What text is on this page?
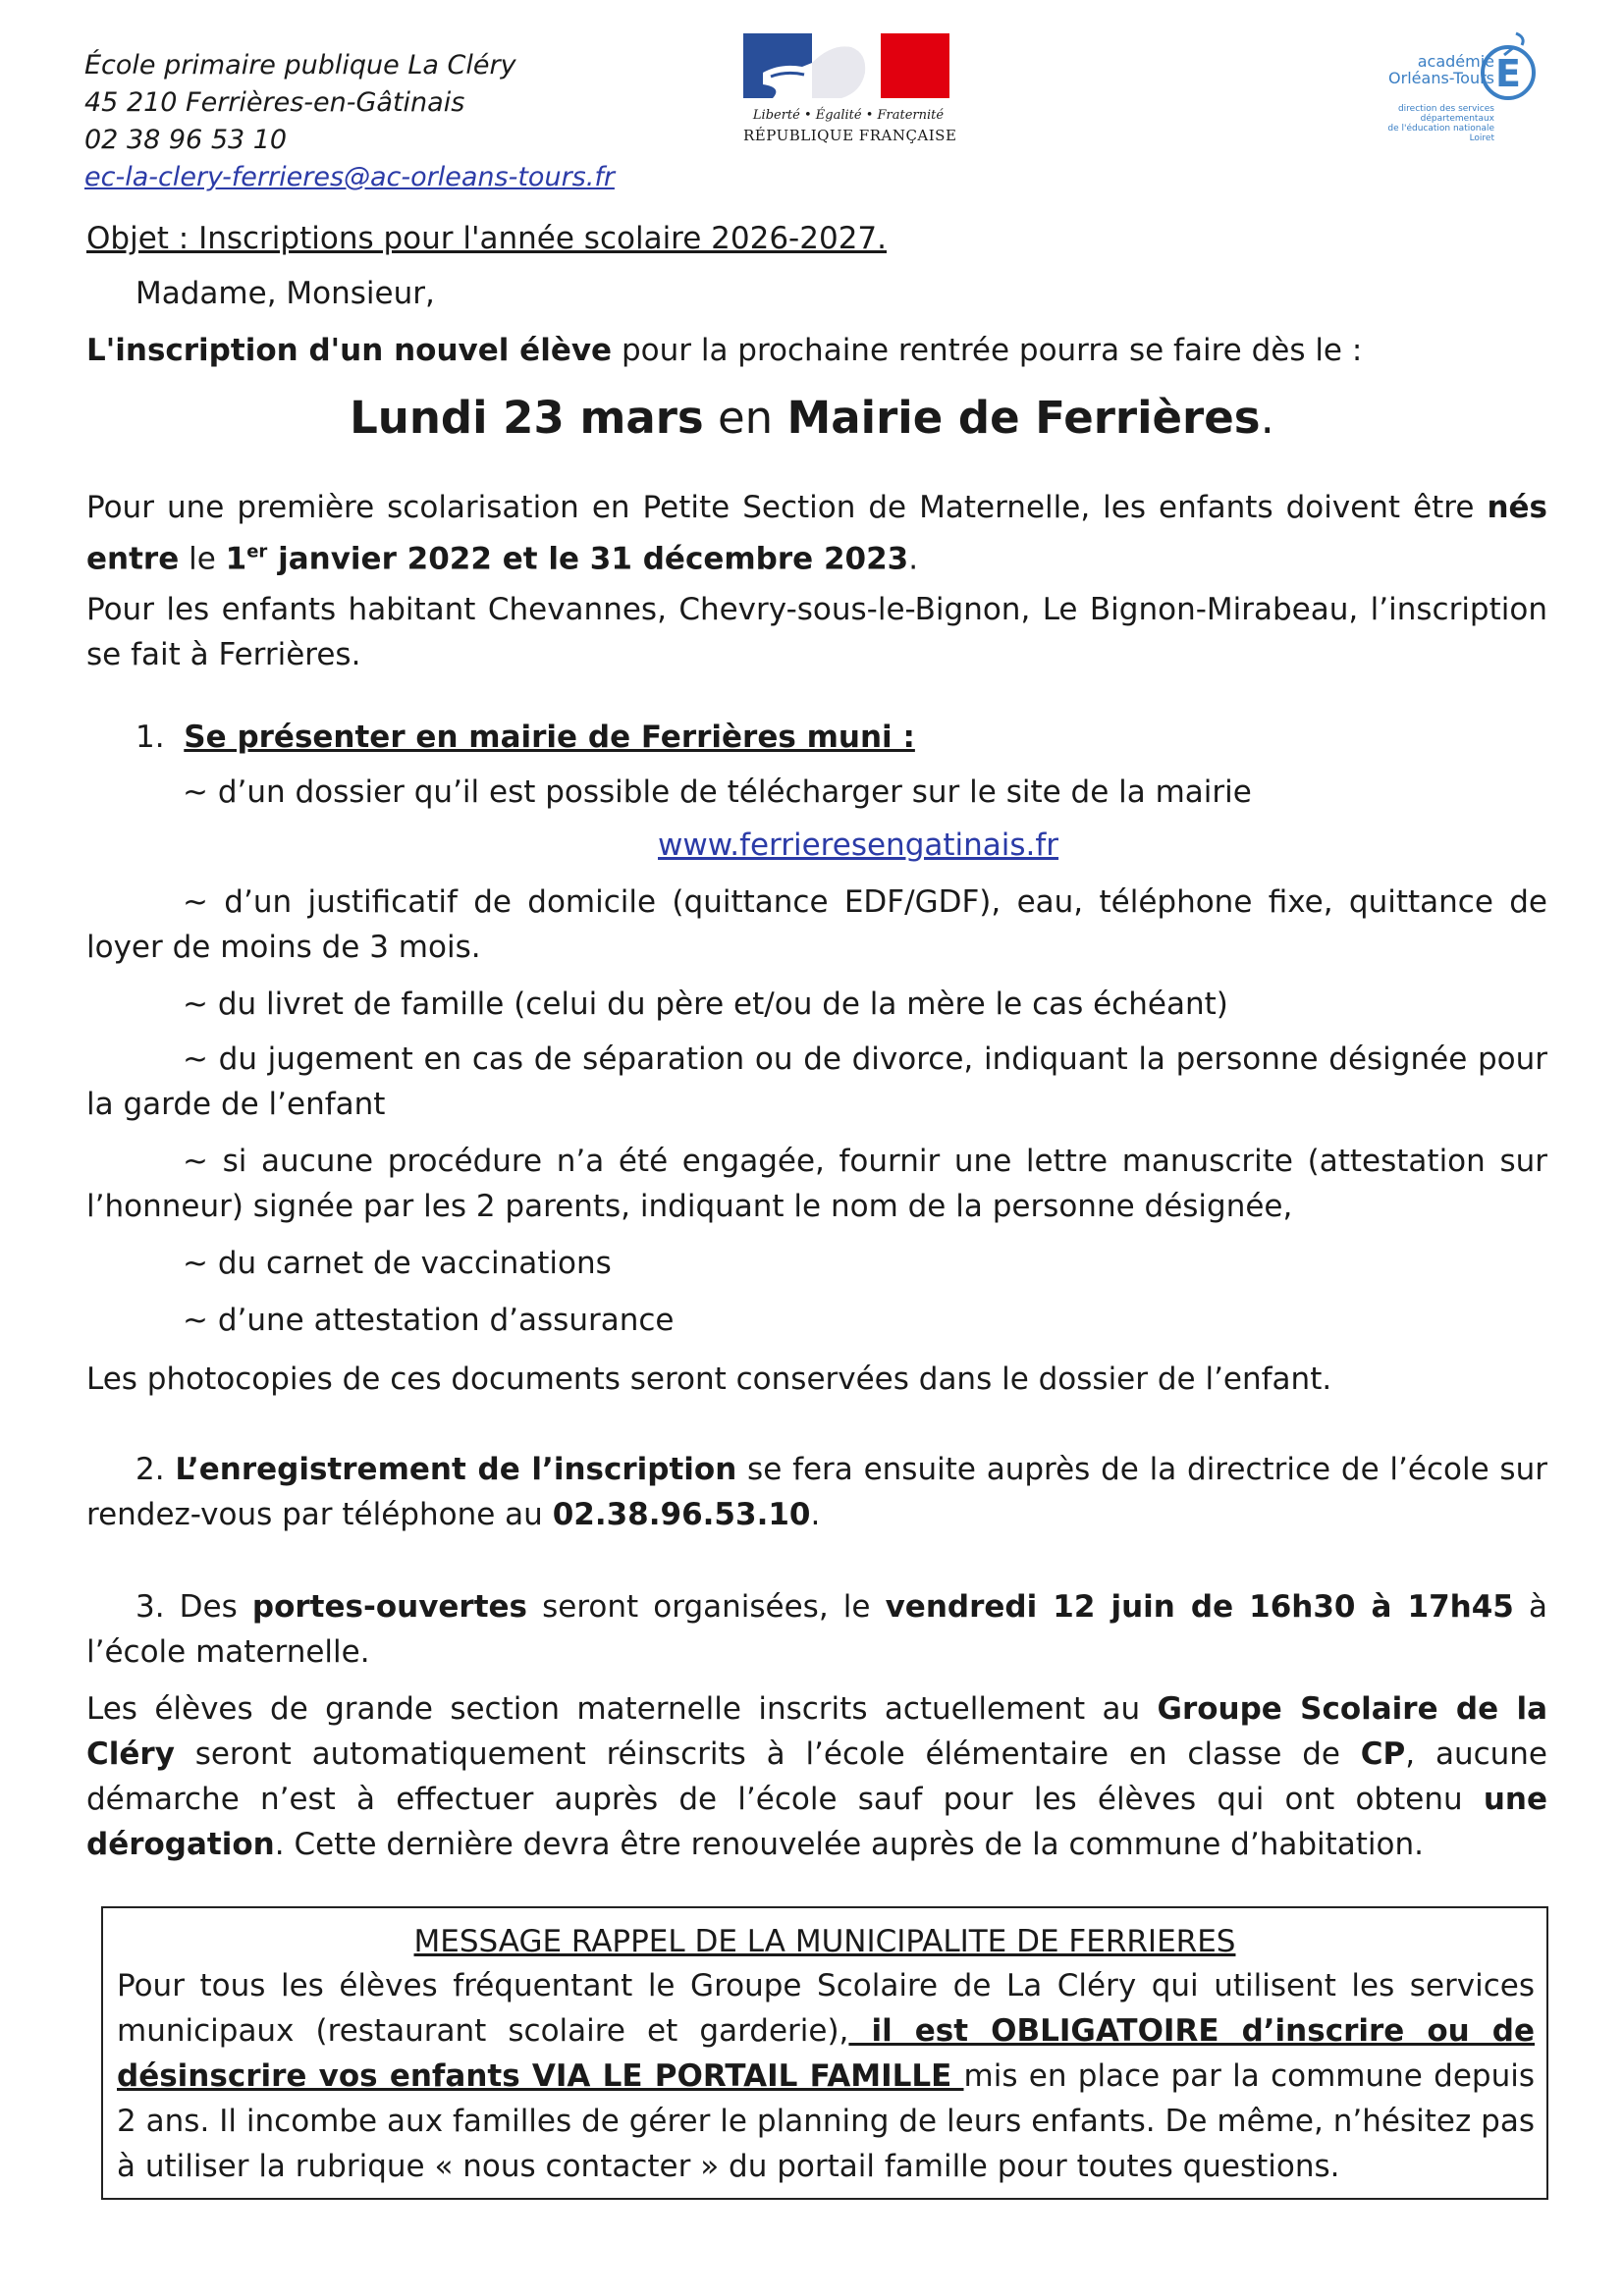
École primaire publique La Cléry
45 210 Ferrières-en-Gâtinais
02 38 96 53 10
ec-la-clery-ferrieres@ac-orleans-tours.fr
Liberté • Égalité • Fraternité
RÉPUBLIQUE FRANÇAISE
académie
Orléans-Tours
direction des services
départementaux
de l'éducation nationale
Loiret
E
Objet : Inscriptions pour l'année scolaire 2026-2027.
Madame, Monsieur,
L'inscription d'un nouvel élève pour la prochaine rentrée pourra se faire dès le :
Lundi 23 mars en Mairie de Ferrières.
Pour une première scolarisation en Petite Section de Maternelle, les enfants doivent être nés entre le 1er janvier 2022 et le 31 décembre 2023.
Pour les enfants habitant Chevannes, Chevry-sous-le-Bignon, Le Bignon-Mirabeau, l’inscription se fait à Ferrières.
1. Se présenter en mairie de Ferrières muni :
~ d’un dossier qu’il est possible de télécharger sur le site de la mairie
www.ferrieresengatinais.fr
~ d’un justificatif de domicile (quittance EDF/GDF), eau, téléphone fixe, quittance de loyer de moins de 3 mois.
~ du livret de famille (celui du père et/ou de la mère le cas échéant)
~ du jugement en cas de séparation ou de divorce, indiquant la personne désignée pour la garde de l’enfant
~ si aucune procédure n’a été engagée, fournir une lettre manuscrite (attestation sur l’honneur) signée par les 2 parents, indiquant le nom de la personne désignée,
~ du carnet de vaccinations
~ d’une attestation d’assurance
Les photocopies de ces documents seront conservées dans le dossier de l’enfant.
2. L’enregistrement de l’inscription se fera ensuite auprès de la directrice de l’école sur rendez-vous par téléphone au 02.38.96.53.10.
3. Des portes-ouvertes seront organisées, le vendredi 12 juin de 16h30 à 17h45 à l’école maternelle.
Les élèves de grande section maternelle inscrits actuellement au Groupe Scolaire de la Cléry seront automatiquement réinscrits à l’école élémentaire en classe de CP, aucune démarche n’est à effectuer auprès de l’école sauf pour les élèves qui ont obtenu une dérogation. Cette dernière devra être renouvelée auprès de la commune d’habitation.
MESSAGE RAPPEL DE LA MUNICIPALITE DE FERRIERES
Pour tous les élèves fréquentant le Groupe Scolaire de La Cléry qui utilisent les services municipaux (restaurant scolaire et garderie), il est OBLIGATOIRE d’inscrire ou de désinscrire vos enfants VIA LE PORTAIL FAMILLE mis en place par la commune depuis 2 ans. Il incombe aux familles de gérer le planning de leurs enfants. De même, n’hésitez pas à utiliser la rubrique « nous contacter » du portail famille pour toutes questions.
